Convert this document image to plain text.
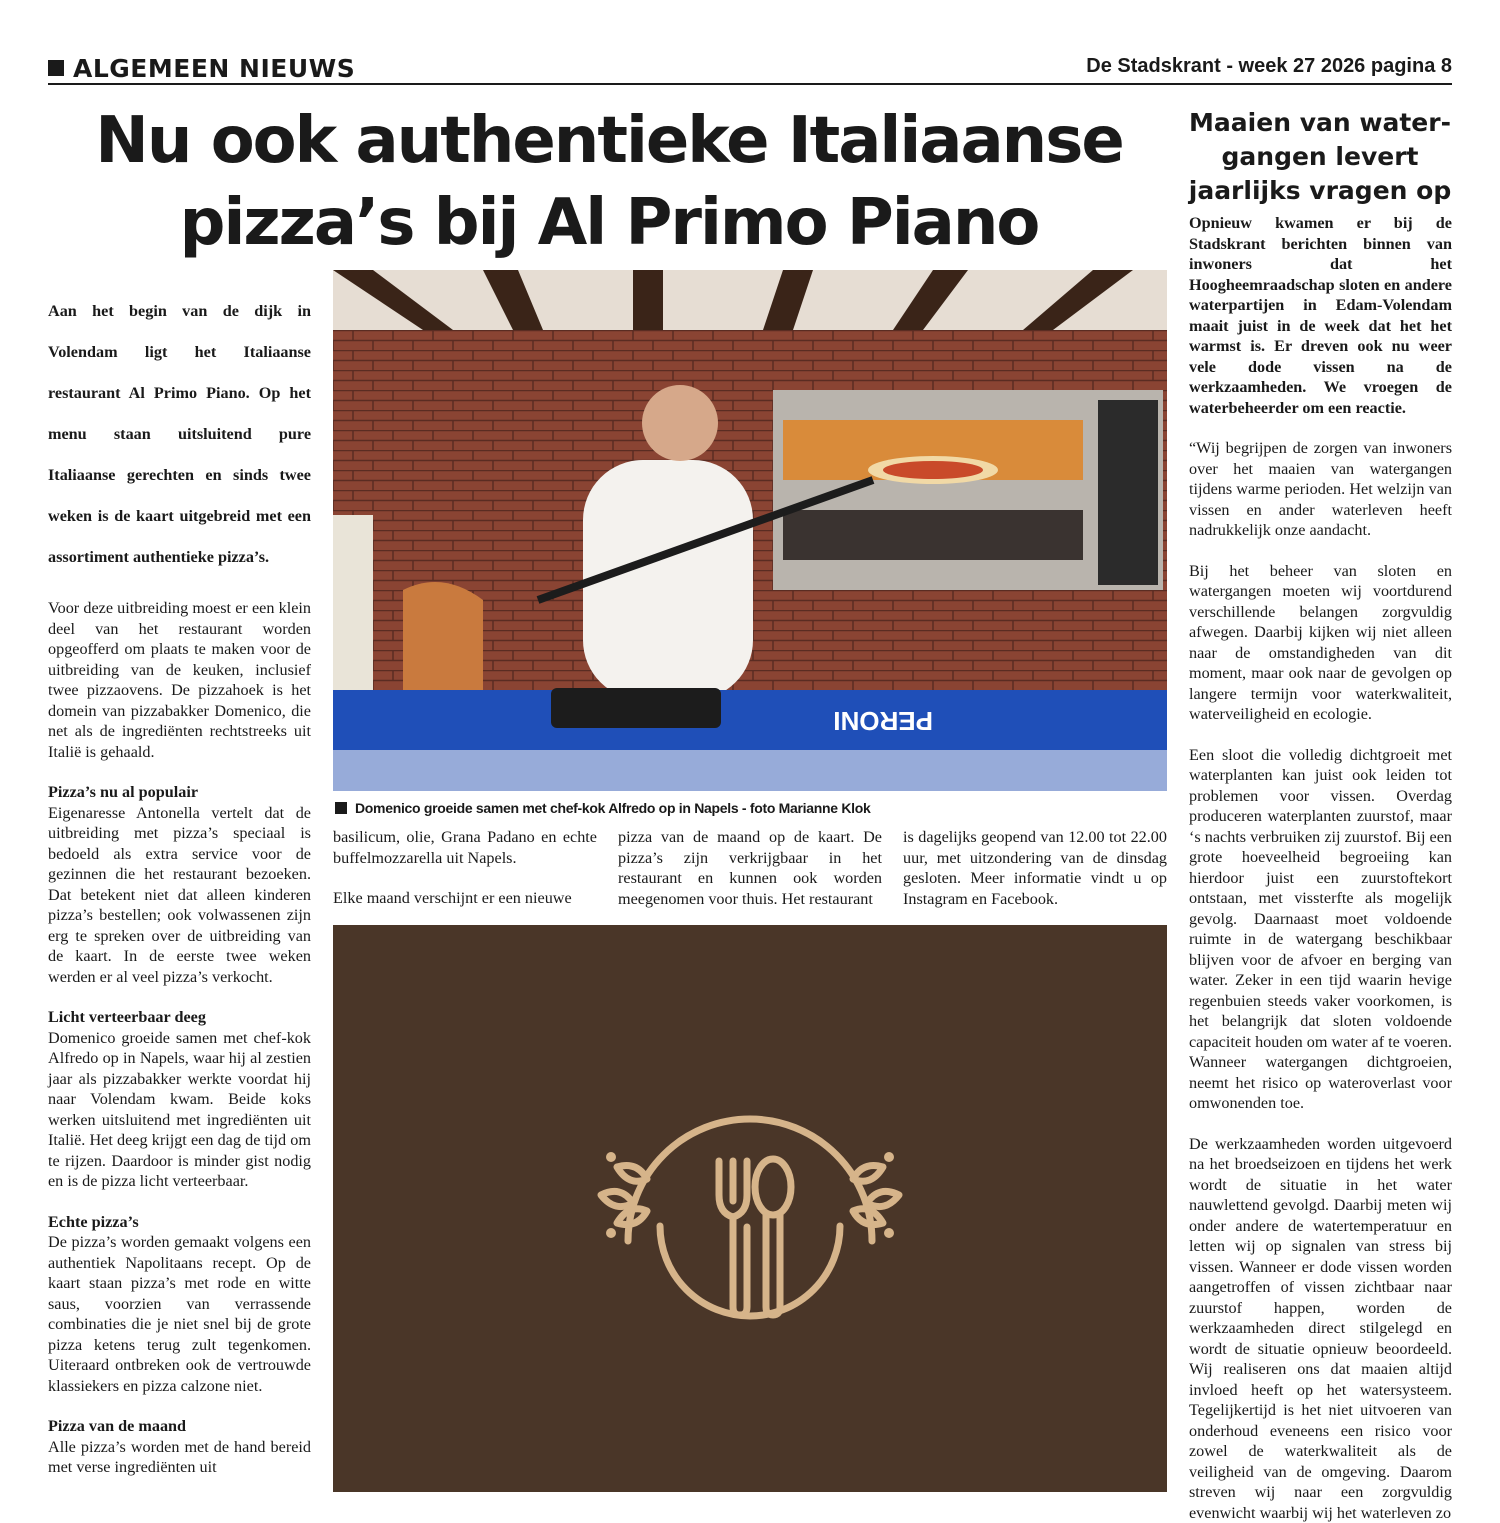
ALGEMEEN NIEUWS	De Stadskrant - week 27 2026 pagina 8
Nu ook authentieke Italiaanse
pizza’s bij Al Primo Piano

Aan het begin van de dijk in Volendam ligt het Italiaanse restaurant Al Primo Piano. Op het menu staan uitsluitend pure Italiaanse gerechten en sinds twee weken is de kaart uitgebreid met een assortiment authentieke pizza’s.

Voor deze uitbreiding moest er een klein deel van het restaurant worden opgeofferd om plaats te maken voor de uitbreiding van de keuken, inclusief twee pizzaovens. De pizzahoek is het domein van pizzabakker Domenico, die net als de ingrediënten rechtstreeks uit Italië is gehaald.

Pizza’s nu al populair

Eigenaresse Antonella vertelt dat de uitbreiding met pizza’s speciaal is bedoeld als extra service voor de gezinnen die het restaurant bezoeken. Dat betekent niet dat alleen kinderen pizza’s bestellen; ook volwassenen zijn erg te spreken over de uitbreiding van de kaart. In de eerste twee weken werden er al veel pizza’s verkocht.

Licht verteerbaar deeg

Domenico groeide samen met chef-kok Alfredo op in Napels, waar hij al zestien jaar als pizzabakker werkte voordat hij naar Volendam kwam. Beide koks werken uitsluitend met ingrediënten uit Italië. Het deeg krijgt een dag de tijd om te rijzen. Daardoor is minder gist nodig en is de pizza licht verteerbaar.

Echte pizza’s

De pizza’s worden gemaakt volgens een authentiek Napolitaans recept. Op de kaart staan pizza’s met rode en witte saus, voorzien van verrassende combinaties die je niet snel bij de grote pizza ketens terug zult tegenkomen. Uiteraard ontbreken ook de vertrouwde klassiekers en pizza calzone niet.

Pizza van de maand

Alle pizza’s worden met de hand bereid met verse ingrediënten uit

PERONI
Domenico groeide samen met chef-kok Alfredo op in Napels - foto Marianne Klok

basilicum, olie, Grana Padano en echte buffelmozzarella uit Napels.

Elke maand verschijnt er een nieuwe

pizza van de maand op de kaart. De pizza’s zijn verkrijgbaar in het restaurant en kunnen ook worden meegenomen voor thuis. Het restaurant

is dagelijks geopend van 12.00 tot 22.00 uur, met uitzondering van de dinsdag gesloten. Meer informatie vindt u op Instagram en Facebook.

Maaien van watergangen levert jaarlijks vragen op

Opnieuw kwamen er bij de Stadskrant berichten binnen van inwoners dat het Hoogheemraadschap sloten en andere waterpartijen in Edam-Volendam maait juist in de week dat het het warmst is. Er dreven ook nu weer vele dode vissen na de werkzaamheden. We vroegen de waterbeheerder om een reactie.

“Wij begrijpen de zorgen van inwoners over het maaien van watergangen tijdens warme perioden. Het welzijn van vissen en ander waterleven heeft nadrukkelijk onze aandacht.

Bij het beheer van sloten en watergangen moeten wij voortdurend verschillende belangen zorgvuldig afwegen. Daarbij kijken wij niet alleen naar de omstandigheden van dit moment, maar ook naar de gevolgen op langere termijn voor waterkwaliteit, waterveiligheid en ecologie.

Een sloot die volledig dichtgroeit met waterplanten kan juist ook leiden tot problemen voor vissen. Overdag produceren waterplanten zuurstof, maar ‘s nachts verbruiken zij zuurstof. Bij een grote hoeveelheid begroeiing kan hierdoor juist een zuurstoftekort ontstaan, met vissterfte als mogelijk gevolg. Daarnaast moet voldoende ruimte in de watergang beschikbaar blijven voor de afvoer en berging van water. Zeker in een tijd waarin hevige regenbuien steeds vaker voorkomen, is het belangrijk dat sloten voldoende capaciteit houden om water af te voeren. Wanneer watergangen dichtgroeien, neemt het risico op wateroverlast voor omwonenden toe.

De werkzaamheden worden uitgevoerd na het broedseizoen en tijdens het werk wordt de situatie in het water nauwlettend gevolgd. Daarbij meten wij onder andere de watertemperatuur en letten wij op signalen van stress bij vissen. Wanneer er dode vissen worden aangetroffen of vissen zichtbaar naar zuurstof happen, worden de werkzaamheden direct stilgelegd en wordt de situatie opnieuw beoordeeld. Wij realiseren ons dat maaien altijd invloed heeft op het watersysteem. Tegelijkertijd is het niet uitvoeren van onderhoud eveneens een risico voor zowel de waterkwaliteit als de veiligheid van de omgeving. Daarom streven wij naar een zorgvuldig evenwicht waarbij wij het waterleven zo
